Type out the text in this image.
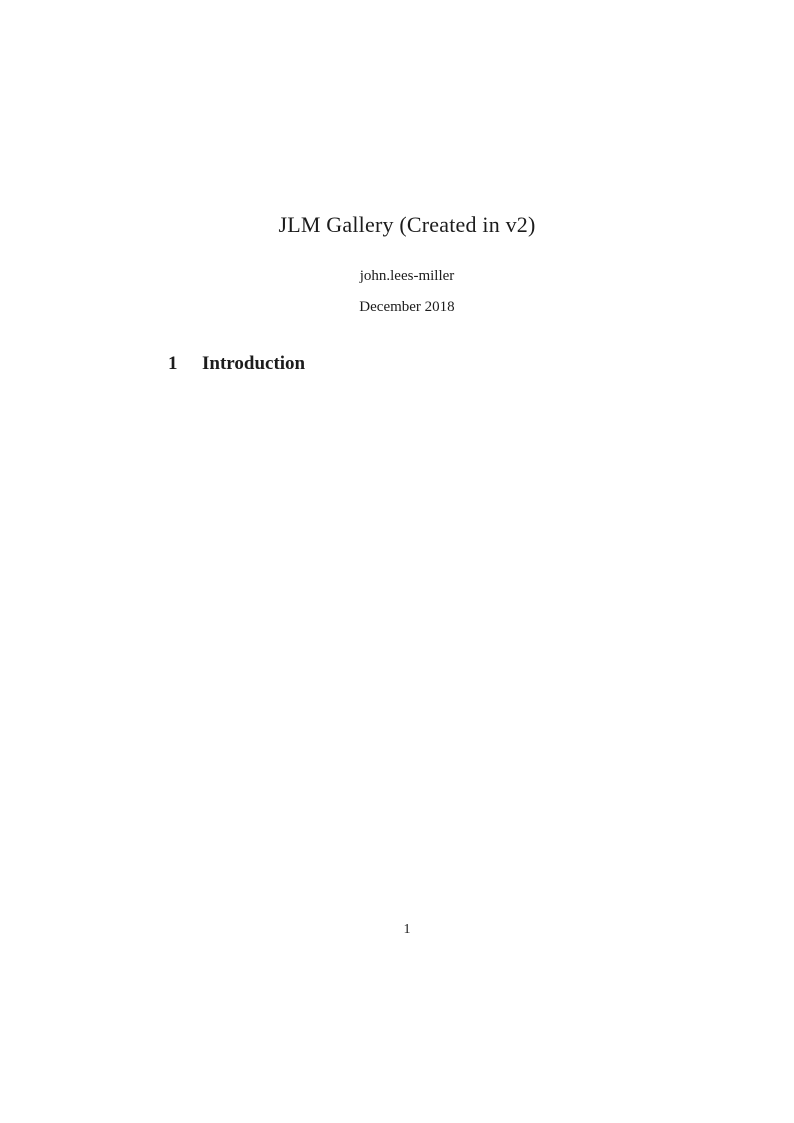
JLM Gallery (Created in v2)
john.lees-miller
December 2018
1	Introduction
1
